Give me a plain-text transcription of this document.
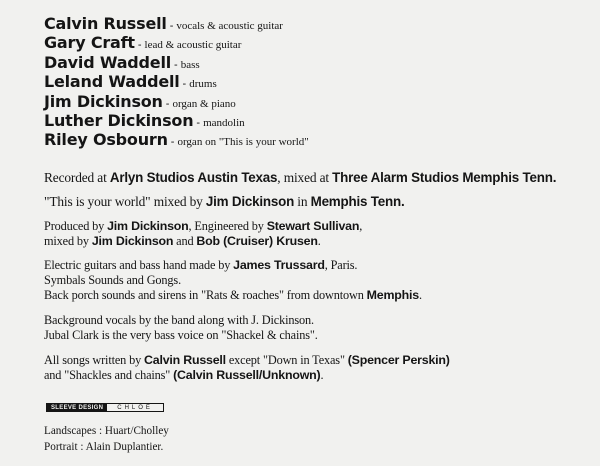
Calvin Russell - vocals & acoustic guitar
Gary Craft - lead & acoustic guitar
David Waddell - bass
Leland Waddell - drums
Jim Dickinson - organ & piano
Luther Dickinson - mandolin
Riley Osbourn - organ on "This is your world"
Recorded at Arlyn Studios Austin Texas, mixed at Three Alarm Studios Memphis Tenn.
"This is your world" mixed by Jim Dickinson in Memphis Tenn.
Produced by Jim Dickinson, Engineered by Stewart Sullivan,
mixed by Jim Dickinson and Bob (Cruiser) Krusen.
Electric guitars and bass hand made by James Trussard, Paris.
Symbals Sounds and Gongs.
Back porch sounds and sirens in "Rats & roaches" from downtown Memphis.
Background vocals by the band along with J. Dickinson.
Jubal Clark is the very bass voice on "Shackel & chains".
All songs written by Calvin Russell except "Down in Texas" (Spencer Perskin)
and "Shackles and chains" (Calvin Russell/Unknown).
SLEEVE DESIGN	CHLOE
Landscapes : Huart/Cholley
Portrait : Alain Duplantier.
